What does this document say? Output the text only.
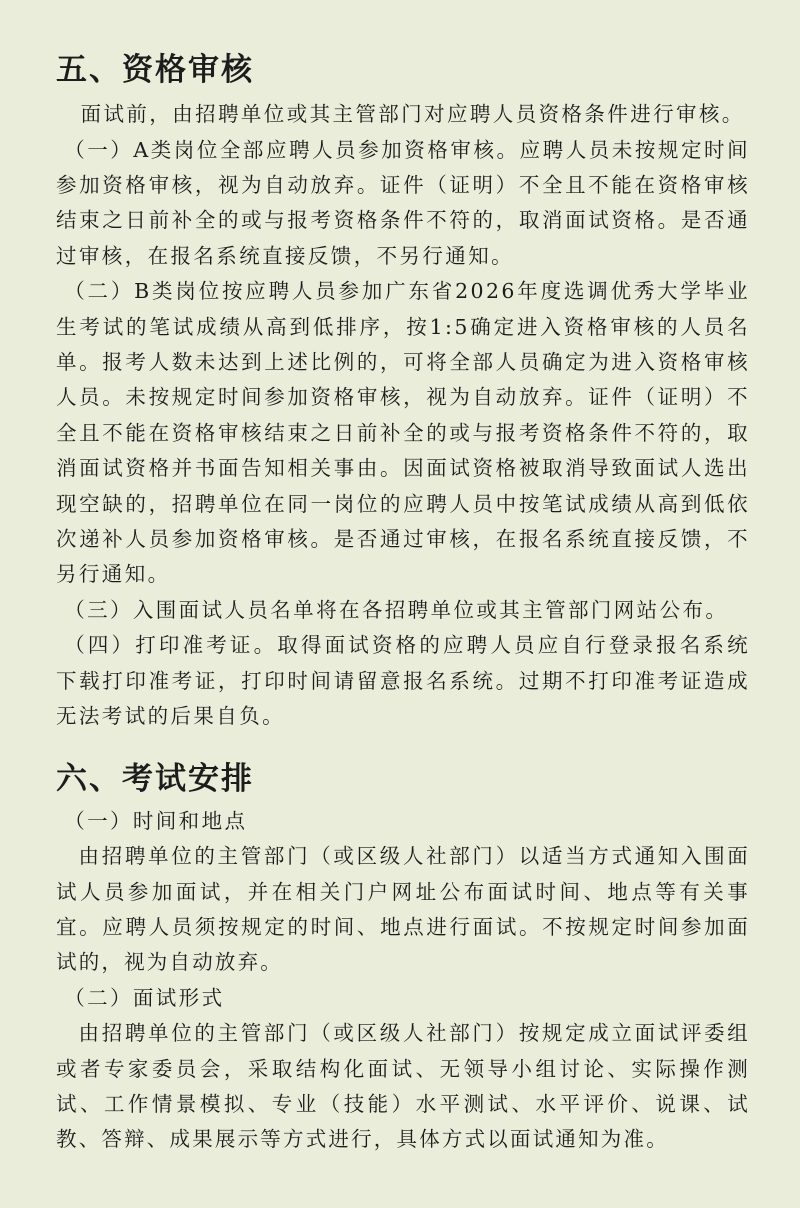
五、资格审核

面试前，由招聘单位或其主管部门对应聘人员资格条件进行审核。

（一）A类岗位全部应聘人员参加资格审核。应聘人员未按规定时间参加资格审核，视为自动放弃。证件（证明）不全且不能在资格审核结束之日前补全的或与报考资格条件不符的，取消面试资格。是否通过审核，在报名系统直接反馈，不另行通知。

（二）B类岗位按应聘人员参加广东省2026年度选调优秀大学毕业生考试的笔试成绩从高到低排序，按1:5确定进入资格审核的人员名单。报考人数未达到上述比例的，可将全部人员确定为进入资格审核人员。未按规定时间参加资格审核，视为自动放弃。证件（证明）不全且不能在资格审核结束之日前补全的或与报考资格条件不符的，取消面试资格并书面告知相关事由。因面试资格被取消导致面试人选出现空缺的，招聘单位在同一岗位的应聘人员中按笔试成绩从高到低依次递补人员参加资格审核。是否通过审核，在报名系统直接反馈，不另行通知。

（三）入围面试人员名单将在各招聘单位或其主管部门网站公布。

（四）打印准考证。取得面试资格的应聘人员应自行登录报名系统下载打印准考证，打印时间请留意报名系统。过期不打印准考证造成无法考试的后果自负。

六、考试安排

（一）时间和地点

由招聘单位的主管部门（或区级人社部门）以适当方式通知入围面试人员参加面试，并在相关门户网址公布面试时间、地点等有关事宜。应聘人员须按规定的时间、地点进行面试。不按规定时间参加面试的，视为自动放弃。

（二）面试形式

由招聘单位的主管部门（或区级人社部门）按规定成立面试评委组或者专家委员会，采取结构化面试、无领导小组讨论、实际操作测试、工作情景模拟、专业（技能）水平测试、水平评价、说课、试教、答辩、成果展示等方式进行，具体方式以面试通知为准。
